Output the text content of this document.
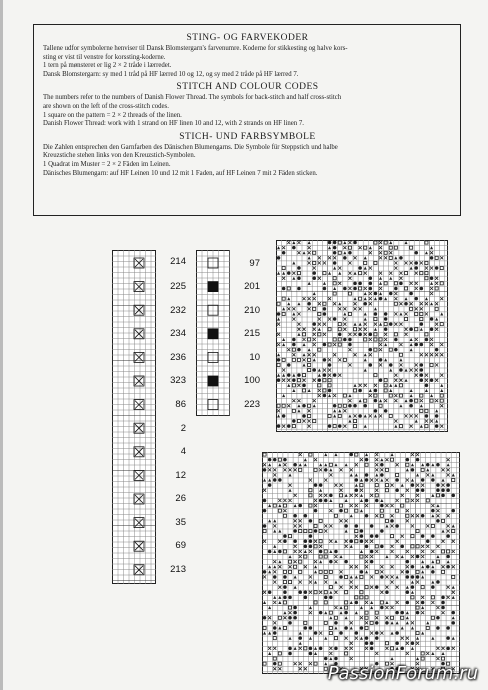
STING- OG FARVEKODER

Tallene udfor symbolerne henviser til Dansk Blomstergarn's farvenumre. Koderne for stikkesting og halve kors-

sting er vist til venstre for korssting-koderne.

1 tern på mønsteret er lig 2 × 2 tråde i lærredet.

Dansk Blomstergarn: sy med 1 tråd på HF lærred 10 og 12, og sy med 2 tråde på HF lærred 7.

STITCH AND COLOUR CODES

The numbers refer to the numbers of Danish Flower Thread. The symbols for back-stitch and half cross-stitch

are shown on the left of the cross-stitch codes.

1 square on the pattern = 2 × 2 threads of the linen.

Danish Flower Thread: work with 1 strand on HF linen 10 and 12, with 2 strands on HF linen 7.

STICH- UND FARBSYMBOLE

Die Zahlen entsprechen den Garnfarben des Dänischen Blumengarns. Die Symbole für Steppstich und halbe

Kreuzstiche stehen links von den Kreuzstich-Symbolen.

1 Quadrat im Muster = 2 × 2 Fäden im Leinen.

Dänisches Blumengarn: auf HF Leinen 10 und 12 mit 1 Faden, auf HF Leinen 7 mit 2 Fäden sticken.

214
225
232
234
236
323
86
2
4
12
26
35
69
213
97
201
210
215
10
100
223
PassionForum.ru
